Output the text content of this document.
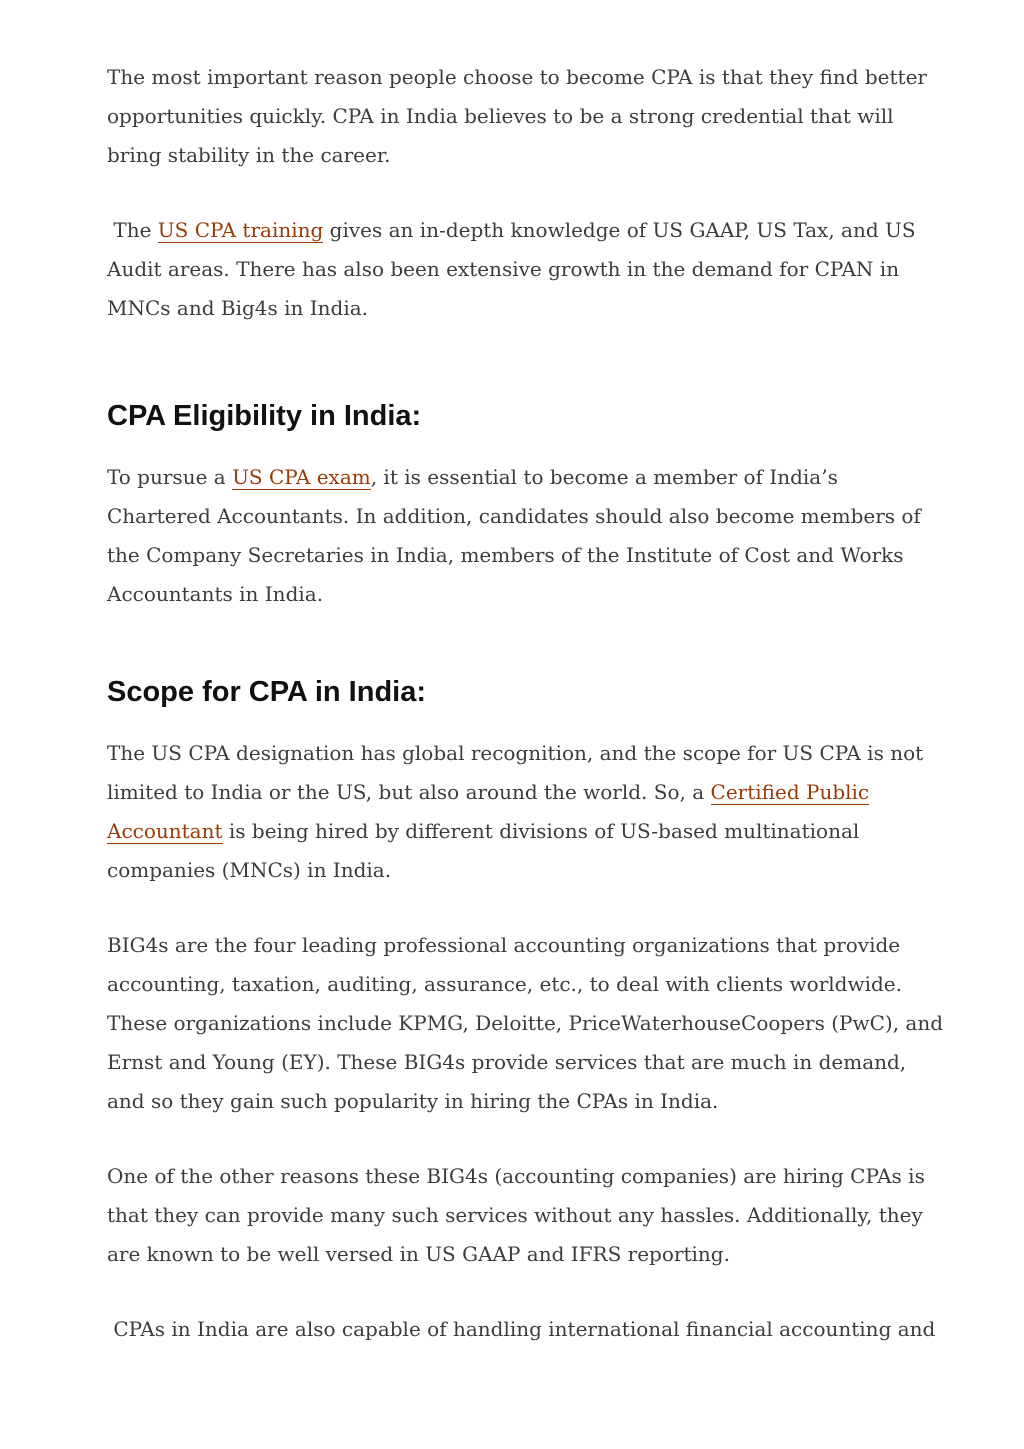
The most important reason people choose to become CPA is that they find better opportunities quickly. CPA in India believes to be a strong credential that will bring stability in the career.

The US CPA training gives an in-depth knowledge of US GAAP, US Tax, and US Audit areas. There has also been extensive growth in the demand for CPAN in MNCs and Big4s in India.

CPA Eligibility in India:

To pursue a US CPA exam, it is essential to become a member of India’s Chartered Accountants. In addition, candidates should also become members of the Company Secretaries in India, members of the Institute of Cost and Works Accountants in India.

Scope for CPA in India:

The US CPA designation has global recognition, and the scope for US CPA is not limited to India or the US, but also around the world. So, a Certified Public Accountant is being hired by different divisions of US-based multinational companies (MNCs) in India.

BIG4s are the four leading professional accounting organizations that provide accounting, taxation, auditing, assurance, etc., to deal with clients worldwide. These organizations include KPMG, Deloitte, PriceWaterhouseCoopers (PwC), and Ernst and Young (EY). These BIG4s provide services that are much in demand, and so they gain such popularity in hiring the CPAs in India.

One of the other reasons these BIG4s (accounting companies) are hiring CPAs is that they can provide many such services without any hassles. Additionally, they are known to be well versed in US GAAP and IFRS reporting.

CPAs in India are also capable of handling international financial accounting and
